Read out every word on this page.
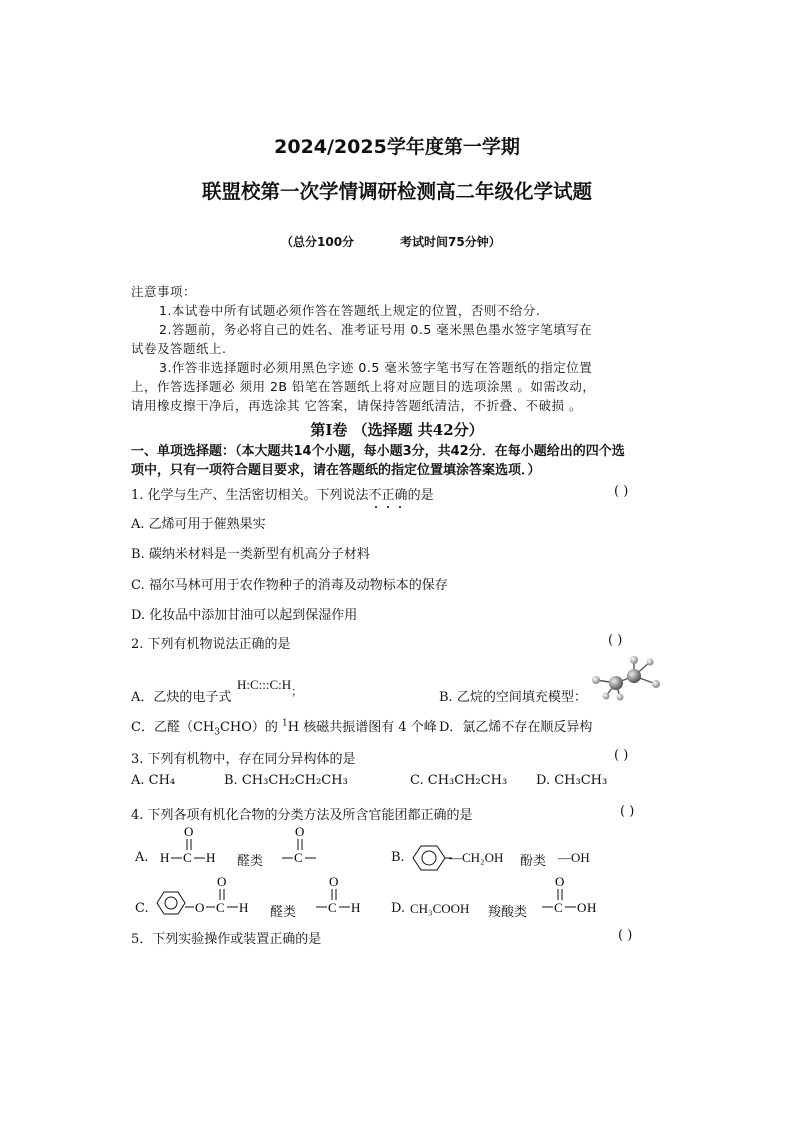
2024/2025学年度第一学期
联盟校第一次学情调研检测高二年级化学试题
（总分100分	考试时间75分钟）
注意事项：
1.本试卷中所有试题必须作答在答题纸上规定的位置，否则不给分.
2.答题前，务必将自己的姓名、准考证号用 0.5 毫米黑色墨水签字笔填写在
试卷及答题纸上.
3.作答非选择题时必须用黑色字迹 0.5 毫米签字笔书写在答题纸的指定位置
上，作答选择题必 须用 2B 铅笔在答题纸上将对应题目的选项涂黑 。如需改动，
请用橡皮擦干净后，再选涂其 它答案，请保持答题纸清洁，不折叠、不破损 。
第Ⅰ卷 （选择题 共42分）
一、单项选择题：（本大题共14个小题，每小题3分，共42分．在每小题给出的四个选
项中，只有一项符合题目要求，请在答题纸的指定位置填涂答案选项．）
1. 化学与生产、生活密切相关。下列说法不正确
的是	( )
A. 乙烯可用于催熟果实
B. 碳纳米材料是一类新型有机高分子材料
C. 福尔马林可用于农作物种子的消毒及动物标本的保存
D. 化妆品中添加甘油可以起到保湿作用
2. 下列有机物说法正确的是	( )
A．乙炔的电子式
$H:C:::C:H_;$	B. 乙烷的空间填充模型：
C．乙醛$(CH_3CHO)$的 $^1$H 核磁共振谱图有 4 个峰 D．氯乙烯不存在顺反异构
3. 下列有机物中，存在同分异构体的是	( )
A. CH₄	B. CH₃CH₂CH₂CH₃	C. CH₃CH₂CH₃ D. CH₃CH₃
4. 下列各项有机化合物的分类方法及所含官能团都正确的是	( )
A. H C
O
H 醛类 C
O
B.	—CH₂OH 酚类 —OH
C.	O C
O
H 醛类 C
O
H D. CH₃COOH 羧酸类 C
O
O H
5．下列实验操作或装置正确的是	( )
